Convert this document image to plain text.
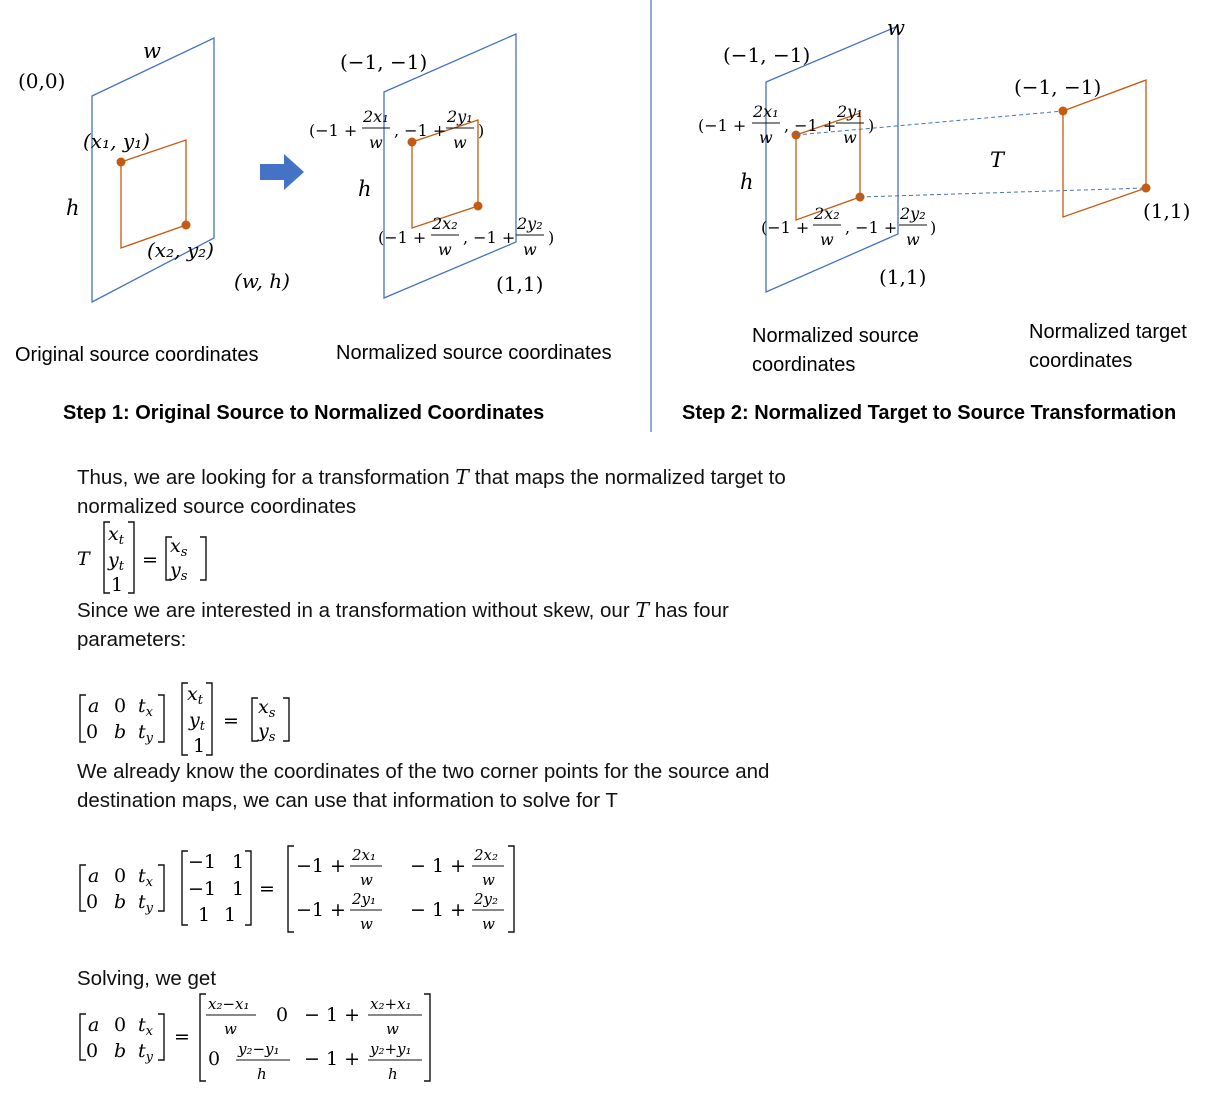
w
h
(0,0)
(x₁, y₁)
(x₂, y₂)
(w, h)
Original source coordinates
(−1, −1)
h
(1,1)
(−1 +
2x₁
w
, −1 +
2y₁
w
)
(−1 +
2x₂
w
, −1 +
2y₂
w
)
Normalized source coordinates
Step 1: Original Source to Normalized Coordinates
(−1, −1)
w
h
(1,1)
(−1 +
2x₁
w
, −1 +
2y₁
w
)
(−1 +
2x₂
w
, −1 +
2y₂
w
)
Normalized source
coordinates
T
(−1, −1)
(1,1)
Normalized target
coordinates
Step 2: Normalized Target to Source Transformation
T
$x_t$
$y_t$
1
=
$x_s$
$y_s$
a 0 $t_x$
0 b $t_y$
$x_t$
$y_t$
1
=
$x_s$
$y_s$
a 0 $t_x$
0 b $t_y$
−1 1
−1 1
1 1
=
−1 + 2x₁
w
− 1 + 2x₂
w
−1 + 2y₁
w
− 1 + 2y₂
w
a 0 $t_x$
0 b $t_y$
=
x₂−x₁
w
0 − 1 + x₂+x₁
w
0 y₂−y₁
h
− 1 + y₂+y₁
h
Thus, we are looking for a transformation T that maps the normalized target to normalized source coordinates
Since we are interested in a transformation without skew, our T has four parameters:
We already know the coordinates of the two corner points for the source and destination maps, we can use that information to solve for T
Solving, we get
